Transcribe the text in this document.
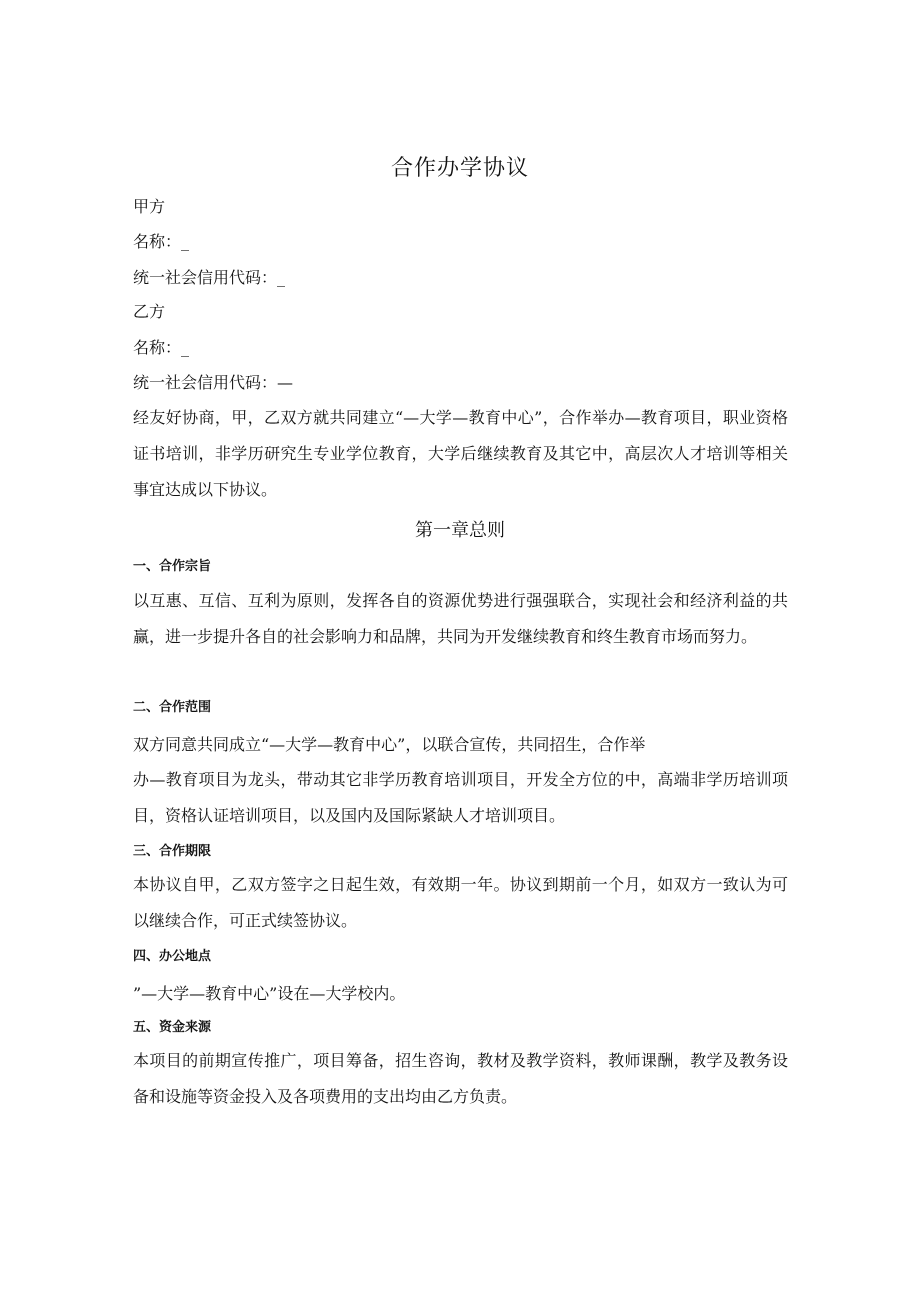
合作办学协议
甲方
名称：_
统一社会信用代码：_
乙方
名称：_
统一社会信用代码：—
经友好协商，甲，乙双方就共同建立“—大学—教育中心”，合作举办—教育项目，职业资格证书培训，非学历研究生专业学位教育，大学后继续教育及其它中，高层次人才培训等相关事宜达成以下协议。
第一章总则
一、合作宗旨
以互惠、互信、互利为原则，发挥各自的资源优势进行强强联合，实现社会和经济利益的共赢，进一步提升各自的社会影响力和品牌，共同为开发继续教育和终生教育市场而努力。
二、合作范围
双方同意共同成立“—大学—教育中心”，以联合宣传，共同招生，合作举
办—教育项目为龙头，带动其它非学历教育培训项目，开发全方位的中，高端非学历培训项目，资格认证培训项目，以及国内及国际紧缺人才培训项目。
三、合作期限
本协议自甲，乙双方签字之日起生效，有效期一年。协议到期前一个月，如双方一致认为可以继续合作，可正式续签协议。
四、办公地点
”—大学—教育中心”设在—大学校内。
五、资金来源
本项目的前期宣传推广，项目筹备，招生咨询，教材及教学资料，教师课酬，教学及教务设备和设施等资金投入及各项费用的支出均由乙方负责。
